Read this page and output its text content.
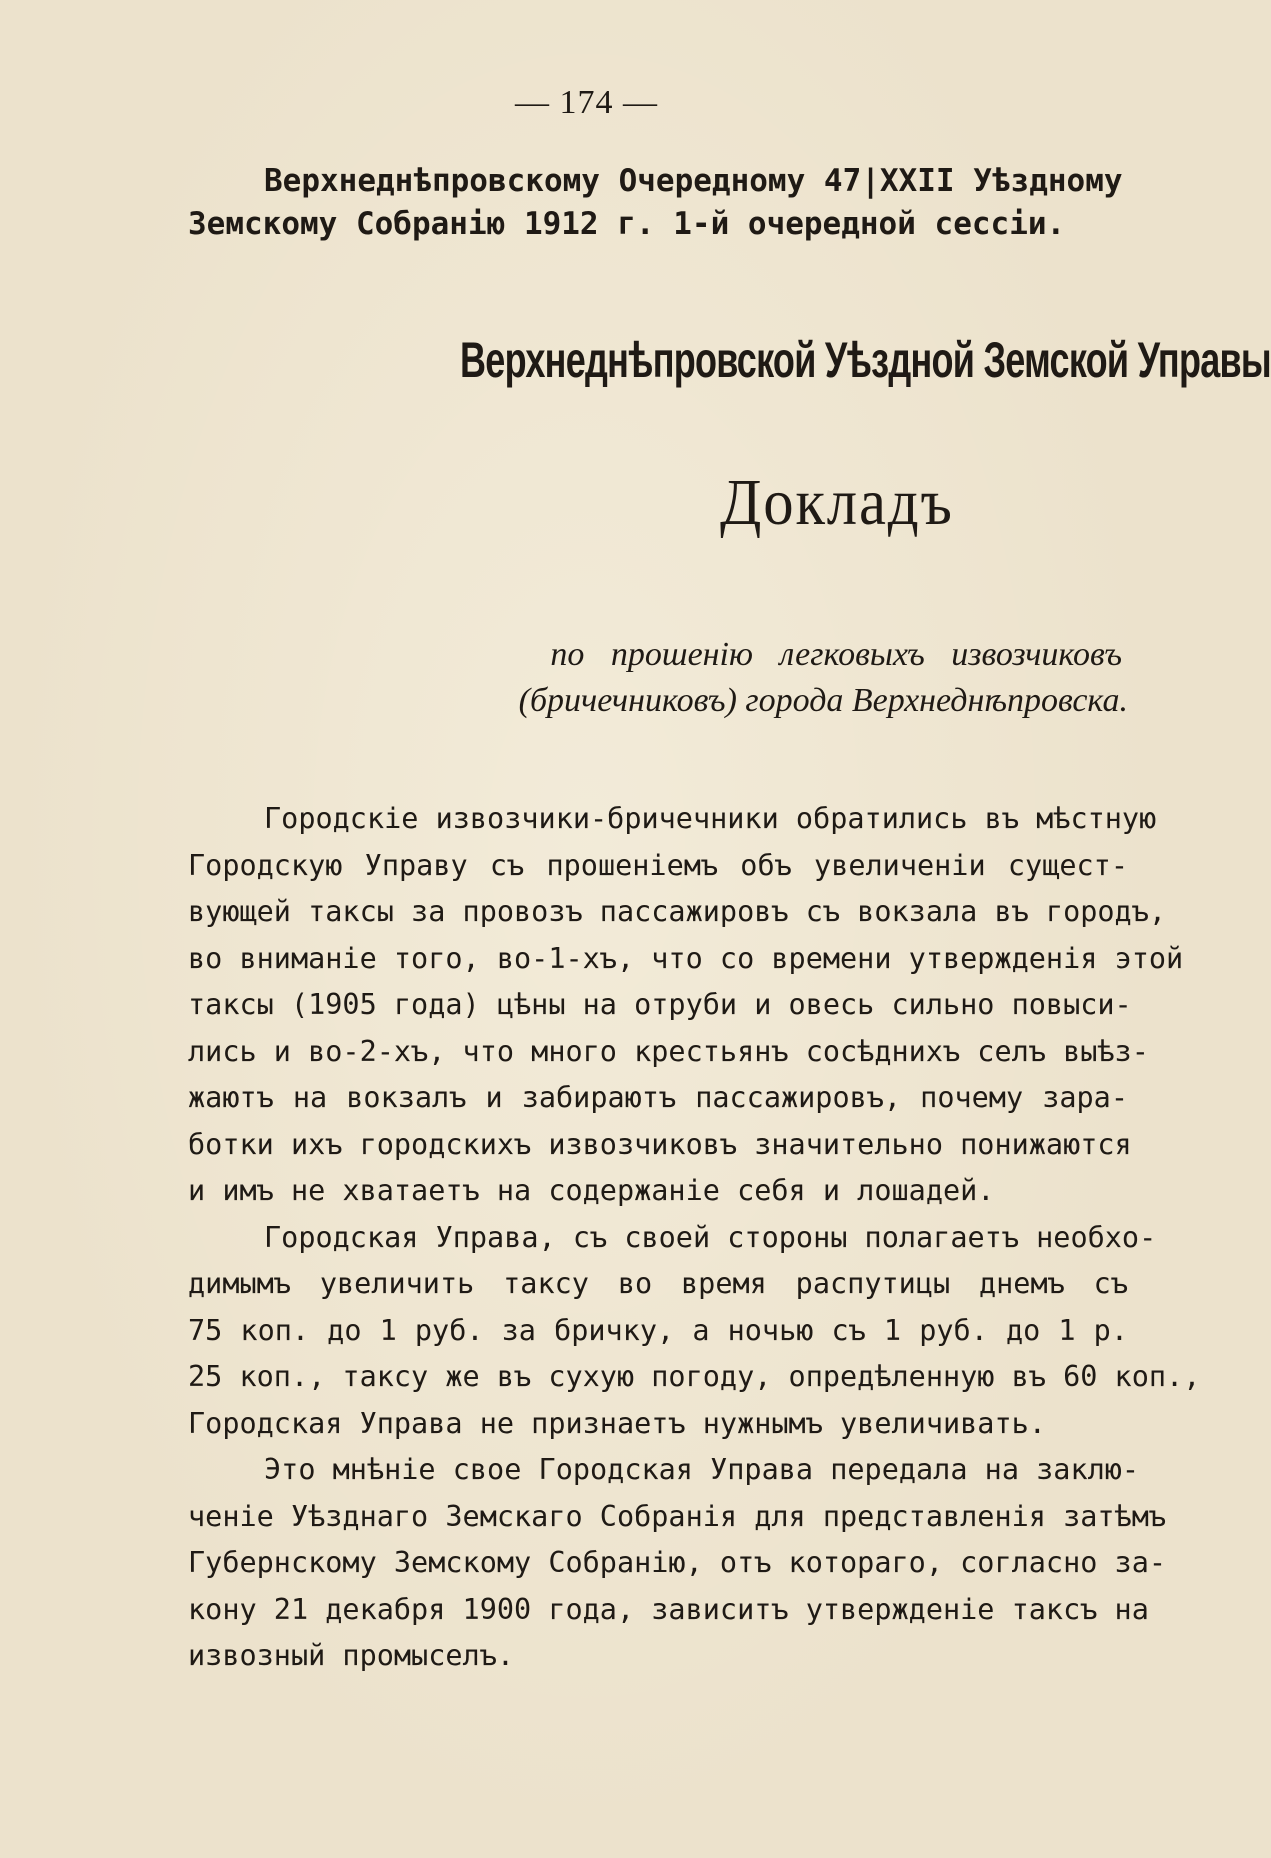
— 174 —
Верхнеднѣпровскому Очередному 47|XXII Уѣздному
Земскому Собранію 1912 г. 1-й очередной сессіи.
Верхнеднѣпровской Уѣздной Земской Управы
Докладъ
по прошенію легковыхъ извозчиковъ
(бричечниковъ) города Верхнеднѣпровска.
Городскіе извозчики-бричечники обратились въ мѣстную
Городскую Управу съ прошеніемъ объ увеличеніи сущест-
вующей таксы за провозъ пассажировъ съ вокзала въ городъ,
во вниманіе того, во-1-хъ, что со времени утвержденія этой
таксы (1905 года) цѣны на отруби и овесь сильно повыси-
лись и во-2-хъ, что много крестьянъ сосѣднихъ селъ выѣз-
жаютъ на вокзалъ и забираютъ пассажировъ, почему зара-
ботки ихъ городскихъ извозчиковъ значительно понижаются
и имъ не хватаетъ на содержаніе себя и лошадей.
Городская Управа, съ своей стороны полагаетъ необхо-
димымъ увеличить таксу во время распутицы днемъ съ
75 коп. до 1 руб. за бричку, а ночью съ 1 руб. до 1 р.
25 коп., таксу же въ сухую погоду, опредѣленную въ 60 коп.,
Городская Управа не признаетъ нужнымъ увеличивать.
Это мнѣніе свое Городская Управа передала на заклю-
ченіе Уѣзднаго Земскаго Собранія для представленія затѣмъ
Губернскому Земскому Собранію, отъ котораго, согласно за-
кону 21 декабря 1900 года, зависитъ утвержденіе таксъ на
извозный промыселъ.
